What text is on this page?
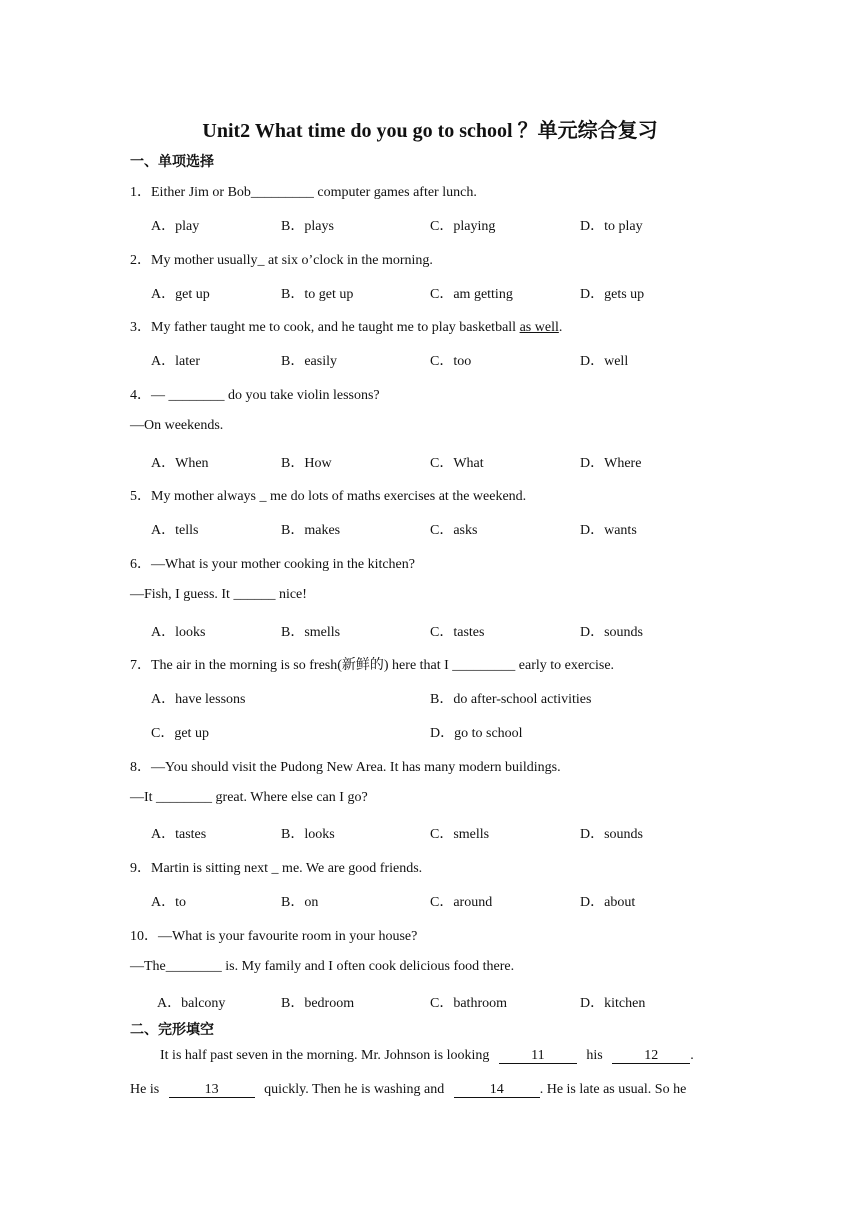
Unit2 What time do you go to school ？单元综合复习
一、单项选择
1．Either Jim or Bob_________ computer games after lunch.
A．play	B．plays	C．playing	D．to play
2．My mother usually_ at six o’clock in the morning.
A．get up	B．to get up	C．am getting	D．gets up
3．My father taught me to cook, and he taught me to play basketball as well.
A．later	B．easily	C．too	D．well
4．— ________ do you take violin lessons?
—On weekends.
A．When	B．How	C．What	D．Where
5．My mother always _ me do lots of maths exercises at the weekend.
A．tells	B．makes	C．asks	D．wants
6．—What is your mother cooking in the kitchen?
—Fish, I guess. It ______ nice!
A．looks	B．smells	C．tastes	D．sounds
7．The air in the morning is so fresh(新鲜的) here that I _________ early to exercise.
A．have lessons	B．do after-school activities
C．get up	D．go to school
8．—You should visit the Pudong New Area. It has many modern buildings.
—It ________ great. Where else can I go?
A．tastes	B．looks	C．smells	D．sounds
9．Martin is sitting next _ me. We are good friends.
A．to	B．on	C．around	D．about
10．—What is your favourite room in your house?
—The________ is. My family and I often cook delicious food there.
A．balcony	B．bedroom	C．bathroom	D．kitchen
二、完形填空
It is half past seven in the morning. Mr. Johnson is looking	11	his	12 .
He is	13	quickly. Then he is washing and	14	. He is late as usual. So he
